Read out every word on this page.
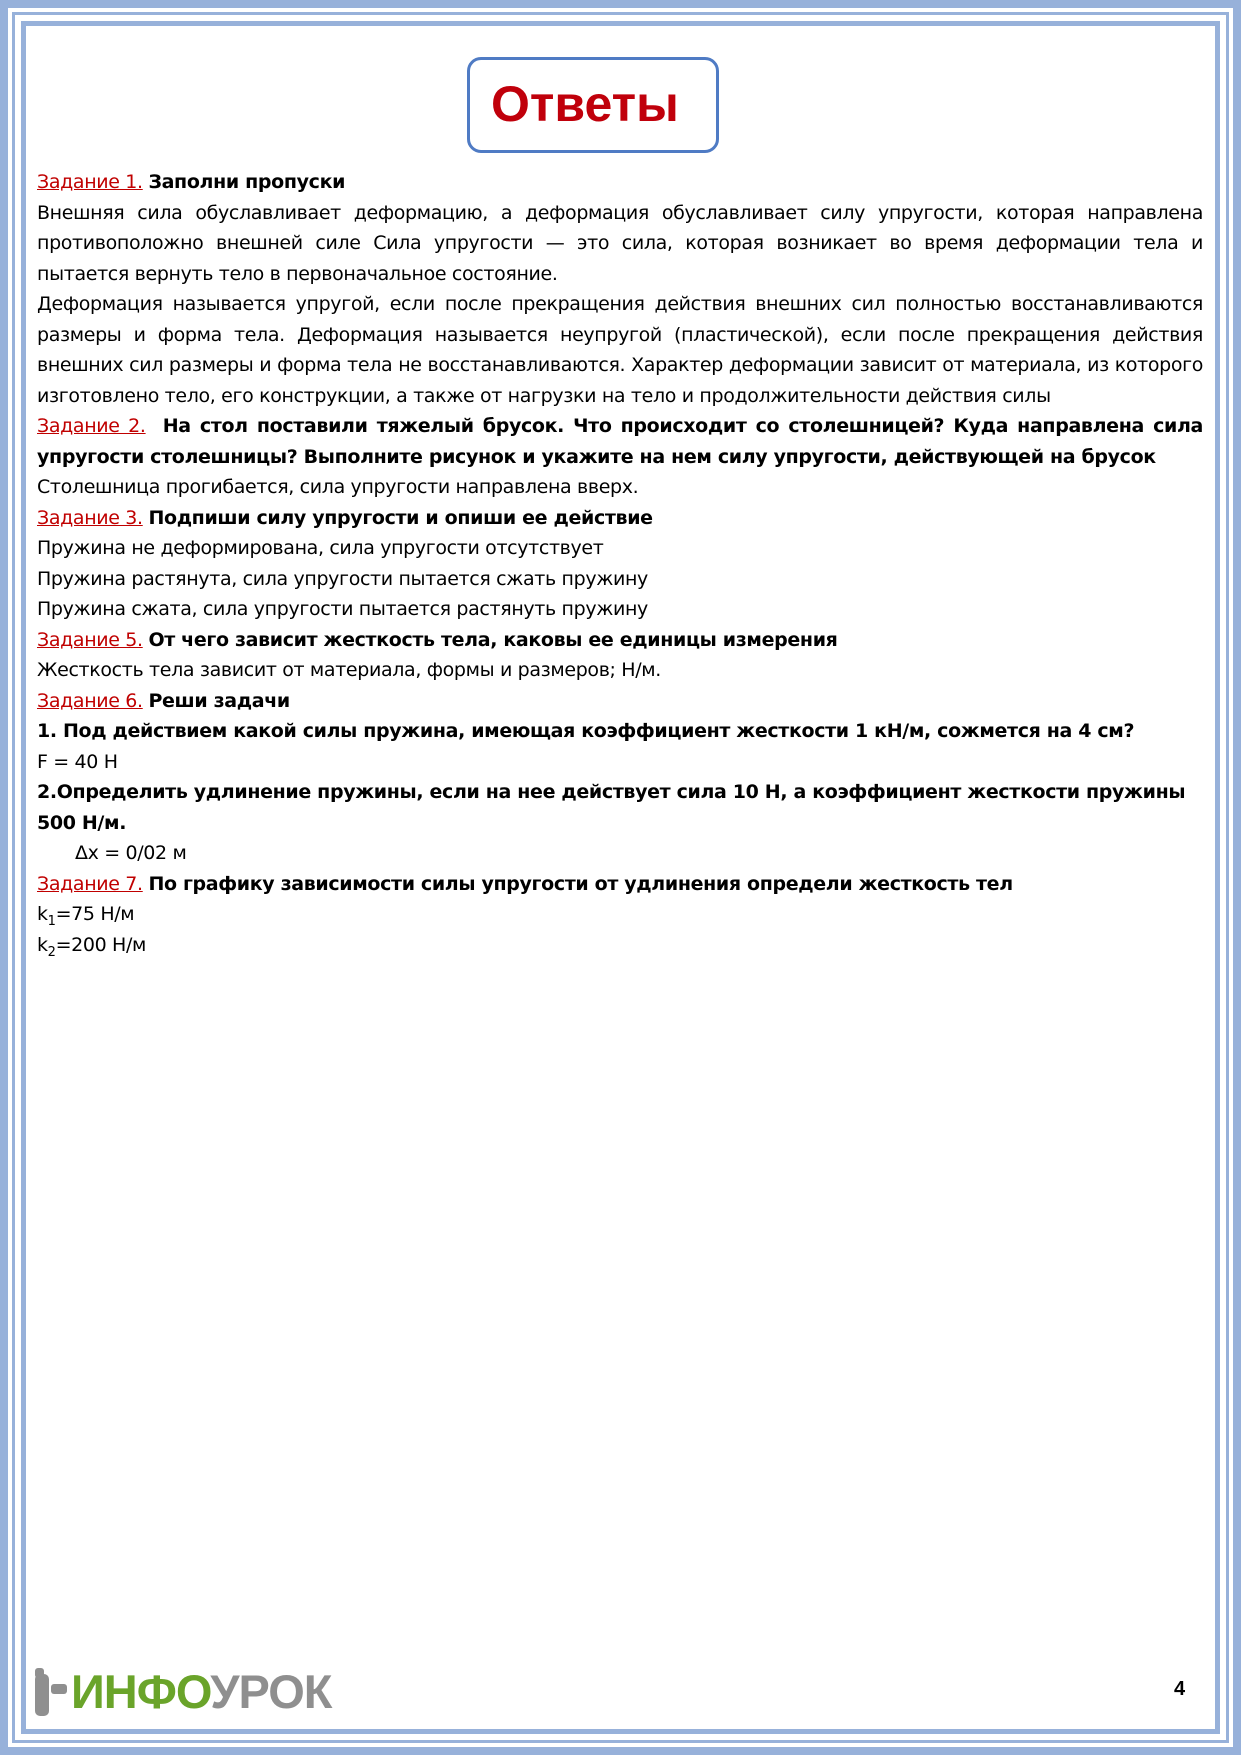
Ответы

Задание 1. Заполни пропуски

Внешняя сила обуславливает деформацию, а деформация обуславливает силу упругости, которая направлена противоположно внешней силе Сила упругости — это сила, которая возникает во время деформации тела и пытается вернуть тело в первоначальное состояние.

Деформация называется упругой, если после прекращения действия внешних сил полностью восстанавливаются размеры и форма тела. Деформация называется неупругой (пластической), если после прекращения действия внешних сил размеры и форма тела не восстанавливаются. Характер деформации зависит от материала, из которого изготовлено тело, его конструкции, а также от нагрузки на тело и продолжительности действия силы

Задание 2. На стол поставили тяжелый брусок. Что происходит со столешницей? Куда направлена сила упругости столешницы? Выполните рисунок и укажите на нем силу упругости, действующей на брусок

Столешница прогибается, сила упругости направлена вверх.

Задание 3. Подпиши силу упругости и опиши ее действие

Пружина не деформирована, сила упругости отсутствует

Пружина растянута, сила упругости пытается сжать пружину

Пружина сжата, сила упругости пытается растянуть пружину

Задание 5. От чего зависит жесткость тела, каковы ее единицы измерения

Жесткость тела зависит от материала, формы и размеров; Н/м.

Задание 6. Реши задачи

1. Под действием какой силы пружина, имеющая коэффициент жесткости 1 кН/м, сожмется на 4 см?

F = 40 Н

2.Определить удлинение пружины, если на нее действует сила 10 Н, а коэффициент жесткости пружины 500 Н/м.

Δx = 0/02 м

Задание 7. По графику зависимости силы упругости от удлинения определи жесткость тел

$k_1=75$ Н/м

$k_2=200$ Н/м

ИНФОУРОК	4
